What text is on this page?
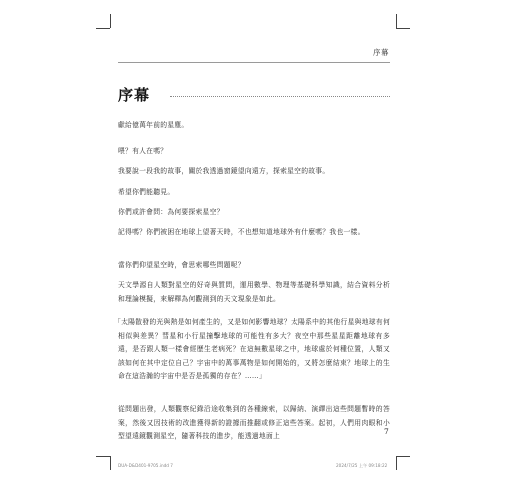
序幕
序幕

獻給億萬年前的星塵。

喂？有人在嗎？

我要說一段我的故事，關於我透過窗鏡望向遠方，探索星空的故事。

希望你們能聽見。

你們或許會問：為何要探索星空？

記得嗎？你們被困在地球上望著天時，不也想知道地球外有什麼嗎？我也一樣。

當你們仰望星空時，會思索哪些問題呢？

天文學源自人類對星空的好奇與質問，運用數學、物理等基礎科學知識，結合資料分析和理論模擬，來解釋為何觀測到的天文現象是如此。

「太陽散發的光與熱是如何產生的，又是如何影響地球？太陽系中的其他行星與地球有何相似與差異？彗星和小行星撞擊地球的可能性有多大？夜空中那些星星距離地球有多遠，是否跟人類一樣會經歷生老病死？在這無數星球之中，地球處於何種位置，人類又該如何在其中定位自己？宇宙中的萬事萬物是如何開始的，又將怎麼結束？地球上的生命在這浩瀚的宇宙中是否是孤獨的存在？……」

從問題出發，人類觀察紀錄沿途收集到的各種線索，以歸納、演繹出這些問題暫時的答案，然後又因技術的改進獲得新的證據而推翻或修正這些答案。起初，人們用肉眼和小型望遠鏡觀測星空，隨著科技的進步，能透過地面上	7
DUA-D&D401-9705.indd 7	2024/7/25 上午 09:18:22
